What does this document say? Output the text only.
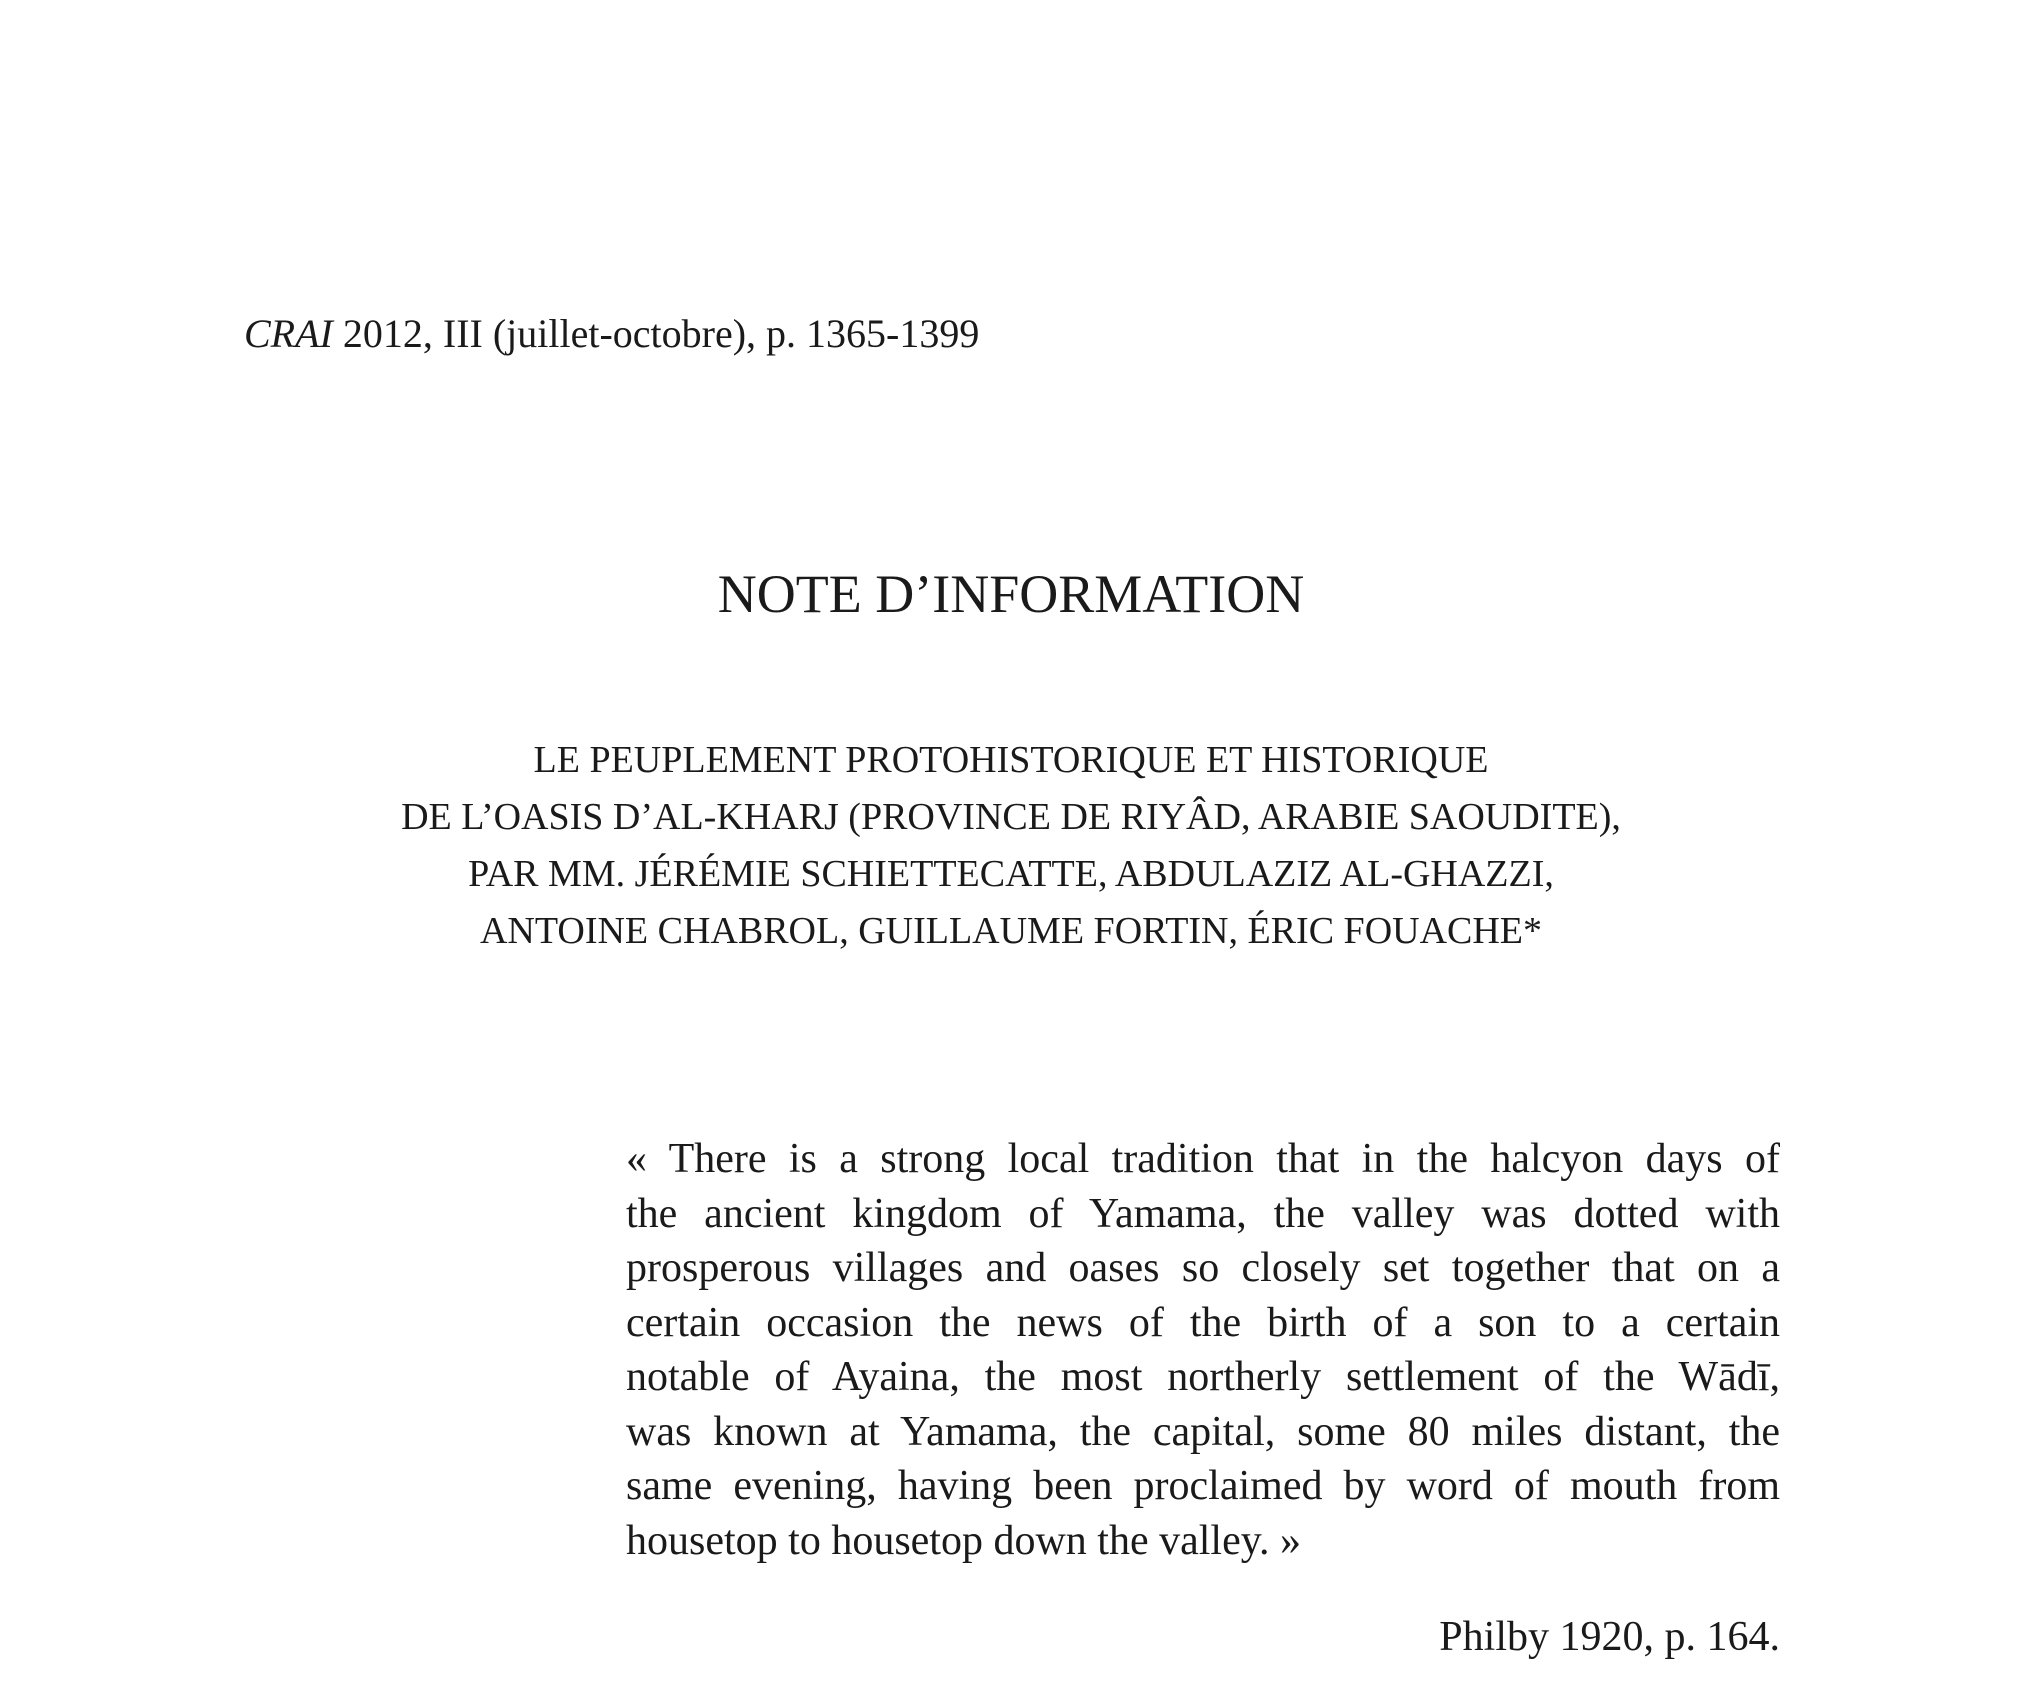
CRAI 2012, III (juillet-octobre), p. 1365-1399
NOTE D’INFORMATION
LE PEUPLEMENT PROTOHISTORIQUE ET HISTORIQUE
DE L’OASIS D’AL-KHARJ (PROVINCE DE RIYÂD, ARABIE SAOUDITE),
PAR MM. JÉRÉMIE SCHIETTECATTE, ABDULAZIZ AL-GHAZZI,
ANTOINE CHABROL, GUILLAUME FORTIN, ÉRIC FOUACHE*
« There is a strong local tradition that in the halcyon days of
the ancient kingdom of Yamama, the valley was dotted with
prosperous villages and oases so closely set together that on a
certain occasion the news of the birth of a son to a certain
notable of Ayaina, the most northerly settlement of the Wādī,
was known at Yamama, the capital, some 80 miles distant, the
same evening, having been proclaimed by word of mouth from
housetop to housetop down the valley. »
Philby 1920, p. 164.
